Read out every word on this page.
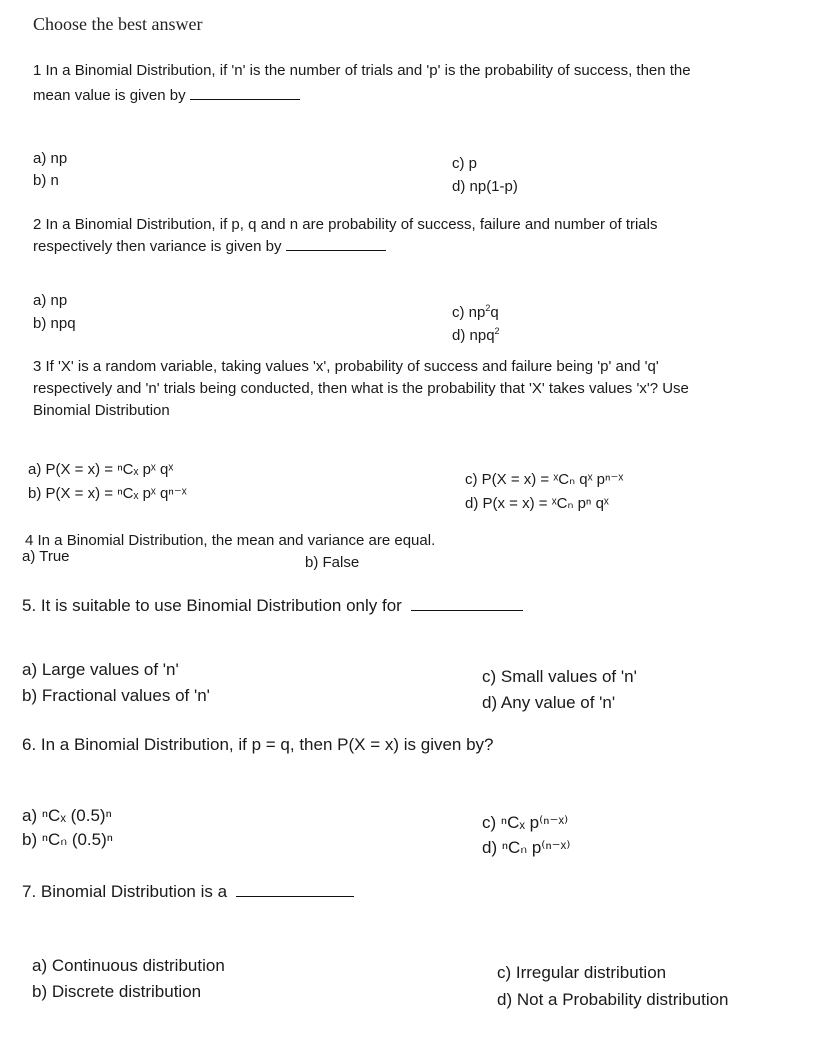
Choose the best answer
1 In a Binomial Distribution, if 'n' is the number of trials and 'p' is the probability of success, then the
mean value is given by
a) np
b) n
c) p
d) np(1-p)
2 In a Binomial Distribution, if p, q and n are probability of success, failure and number of trials
respectively then variance is given by
a) np
b) npq
c) $np^2q$
d) npq$^2$
3 If 'X' is a random variable, taking values 'x', probability of success and failure being 'p' and 'q'
respectively and 'n' trials being conducted, then what is the probability that 'X' takes values 'x'? Use
Binomial Distribution
a) P(X = x) = ⁿCₓ pˣ qˣ
b) P(X = x) = ⁿCₓ pˣ qⁿ⁻ˣ
c) P(X = x) = ˣCₙ qˣ pⁿ⁻ˣ
d) P(x = x) = ˣCₙ pⁿ qˣ
4 In a Binomial Distribution, the mean and variance are equal.
a) True	b) False
5. It is suitable to use Binomial Distribution only for
a) Large values of 'n'
b) Fractional values of 'n'
c) Small values of 'n'
d) Any value of 'n'
6. In a Binomial Distribution, if p = q, then P(X = x) is given by?
a) ⁿCₓ (0.5)ⁿ
b) ⁿCₙ (0.5)ⁿ
c) ⁿCₓ p⁽ⁿ⁻ˣ⁾
d) ⁿCₙ p⁽ⁿ⁻ˣ⁾
7. Binomial Distribution is a
a) Continuous distribution
b) Discrete distribution
c) Irregular distribution
d) Not a Probability distribution
